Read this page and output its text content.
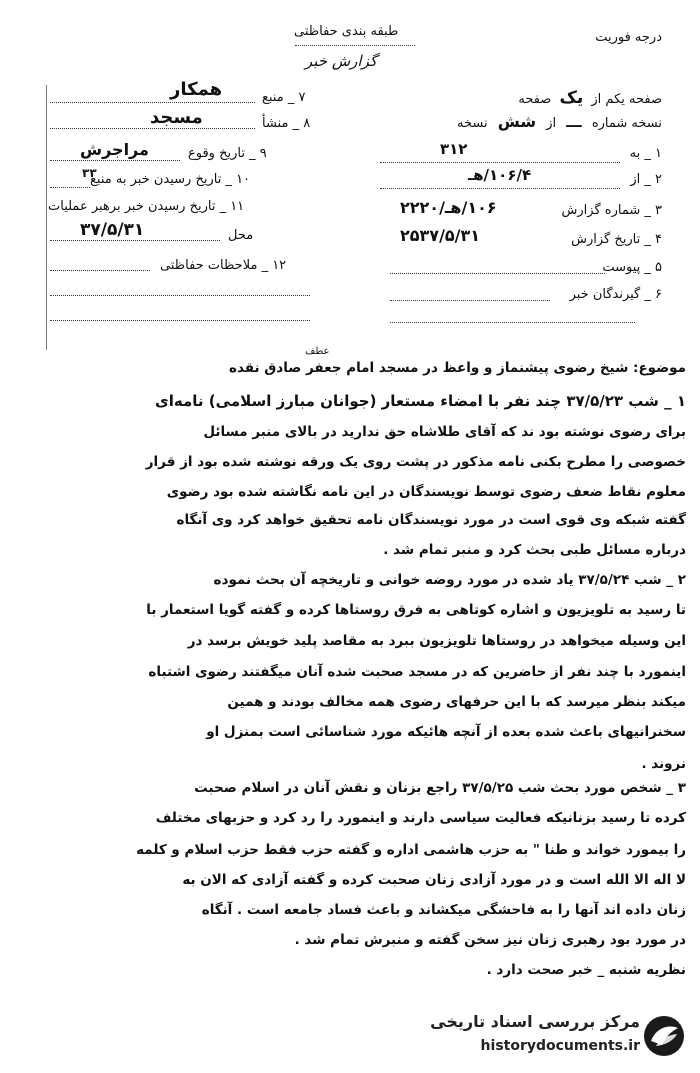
درجه فوریت
طبقه بندی حفاظتی
گزارش خبر
۷ _ منبع
همکار
۸ _ منشأ
مسجد
۹ _ تاریخ وقوع
مراجرش
۱۰ _ تاریخ رسیدن خبر به منبع
۳۳
۱۱ _ تاریخ رسیدن خبر برهبر عملیات
محل
۳۷/۵/۳۱
۱۲ _ ملاحظات حفاظتی
صفحه یکم از یک صفحه
نسخه شماره ـــ از شش نسخه
۱ _ به
۳۱۲
۲ _ از
۱۰۶/۴/هـ
۳ _ شماره گزارش
۱۰۶/هـ/۲۲۲۰
۴ _ تاریخ گزارش
۲۵۳۷/۵/۳۱
۵ _ پیوست
۶ _ گیرندگان خبر
عطف
موضوع: شیخ رضوی پیشنماز و واعظ در مسجد امام جعفر صادق نقده
۱ _ شب ۳۷/۵/۲۳ چند نفر با امضاء مستعار (جوانان مبارز اسلامی) نامه‌ای
برای رضوی نوشته بود ند که آقای طلاشاه حق ندارید در بالای منبر مسائل
خصوصی را مطرح بکنی نامه مذکور در پشت روی یک ورقه نوشته شده بود از قرار
معلوم نقاط ضعف رضوی توسط نویسندگان در این نامه نگاشته شده بود رضوی
گفته شبکه وی قوی است در مورد نویسندگان نامه تحقیق خواهد کرد وی آنگاه
درباره مسائل طبی بحث کرد و منبر تمام شد .
۲ _ شب ۳۷/۵/۲۴ یاد شده در مورد روضه خوانی و تاریخچه آن بحث نموده
تا رسید به تلویزیون و اشاره کوتاهی به فرق روستاها کرده و گفته گویا استعمار با
این وسیله میخواهد در روستاها تلویزیون ببرد به مقاصد پلید خویش برسد در
اینمورد با چند نفر از حاضرین که در مسجد صحبت شده آنان میگفتند رضوی اشتباه
میکند بنظر میرسد که با این حرفهای رضوی همه مخالف بودند و همین
سخنرانیهای باعث شده بعده از آنچه هائیکه مورد شناسائی است بمنزل او
نروند .
۳ _ شخص مورد بحث شب ۳۷/۵/۲۵ راجع بزنان و نقش آنان در اسلام صحبت
کرده تا رسید بزنانیکه فعالیت سیاسی دارند و اینمورد را رد کرد و حزبهای مختلف
را بیمورد خواند و طنا " به حزب هاشمی اداره و گفته حزب فقط حزب اسلام و کلمه
لا اله الا الله است و در مورد آزادی زنان صحبت کرده و گفته آزادی که الان به
زنان داده اند آنها را به فاحشگی میکشاند و باعث فساد جامعه است . آنگاه
در مورد بود رهبری زنان نیز سخن گفته و منبرش تمام شد .
نظریه شنبه _ خبر صحت دارد .
مرکز بررسی اسناد تاریخی
historydocuments.ir
